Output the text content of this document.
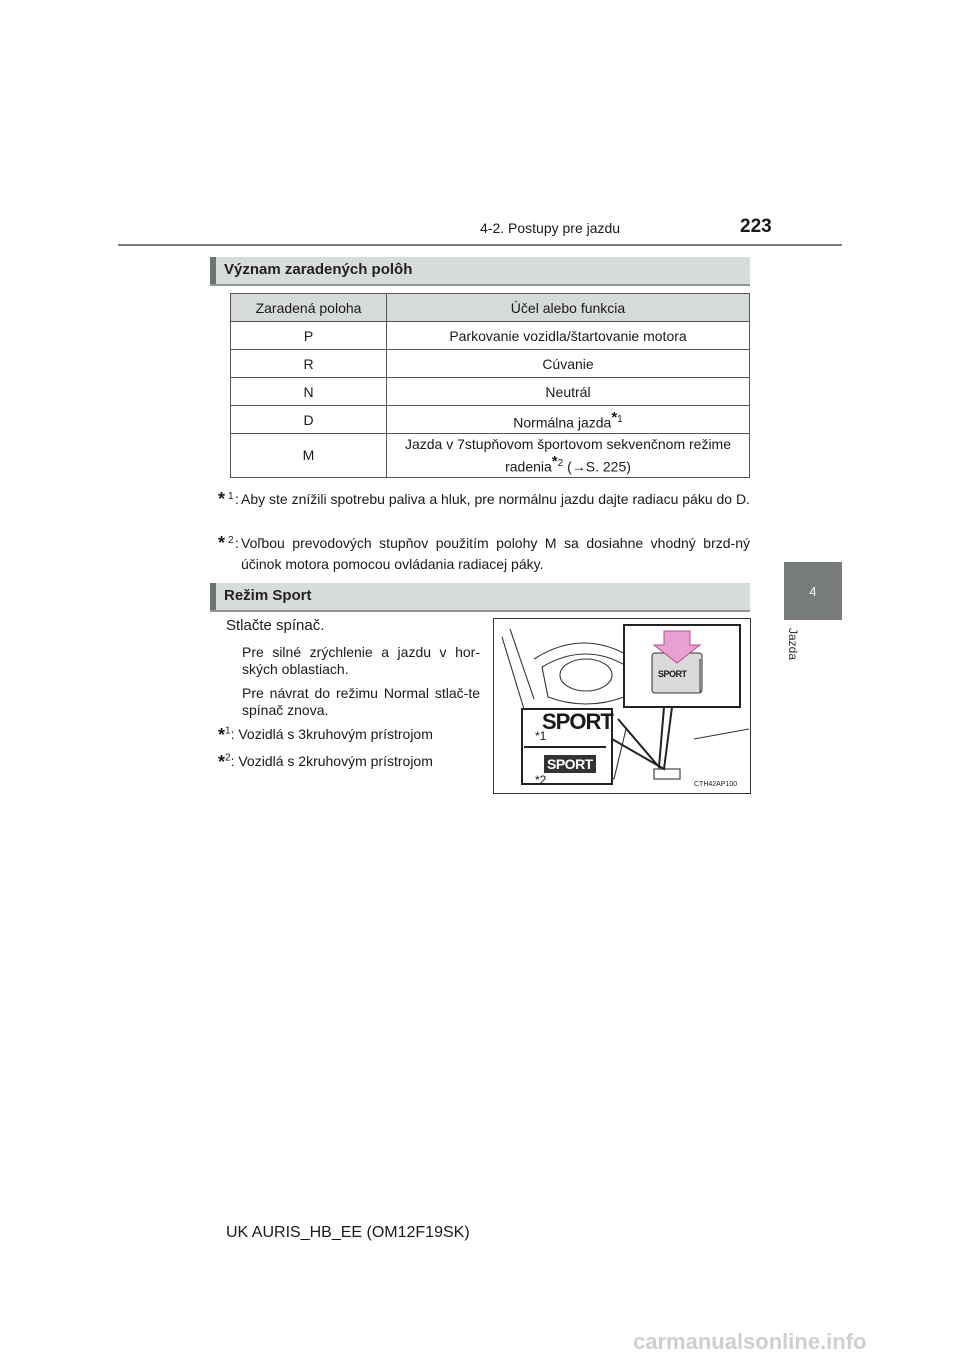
4-2. Postupy pre jazdu	223
4
Jazda
Význam zaradených polôh
Zaradená poloha	Účel alebo funkcia
P	Parkovanie vozidla/štartovanie motora
R	Cúvanie
N	Neutrál
D	Normálna jazda$^{*1}$
M	Jazda v 7stupňovom športovom sekvenčnom režime
radenia$^{*2}$ (→S. 225)
* 1 : Aby ste znížili spotrebu paliva a hluk, pre normálnu jazdu dajte radiacu páku do D.
* 2 : Voľbou prevodových stupňov použitím polohy M sa dosiahne vhodný brzd-ný účinok motora pomocou ovládania radiacej páky.
Režim Sport
Stlačte spínač.
Pre silné zrýchlenie a jazdu v hor-ských oblastiach.
Pre návrat do režimu Normal stlač-te spínač znova.
*$^1$: Vozidlá s 3kruhovým prístrojom
*$^2$: Vozidlá s 2kruhovým prístrojom
SPORT
SPORT
*1
SPORT
*2	CTH42AP100
UK AURIS_HB_EE (OM12F19SK)
carmanualsonline.info
